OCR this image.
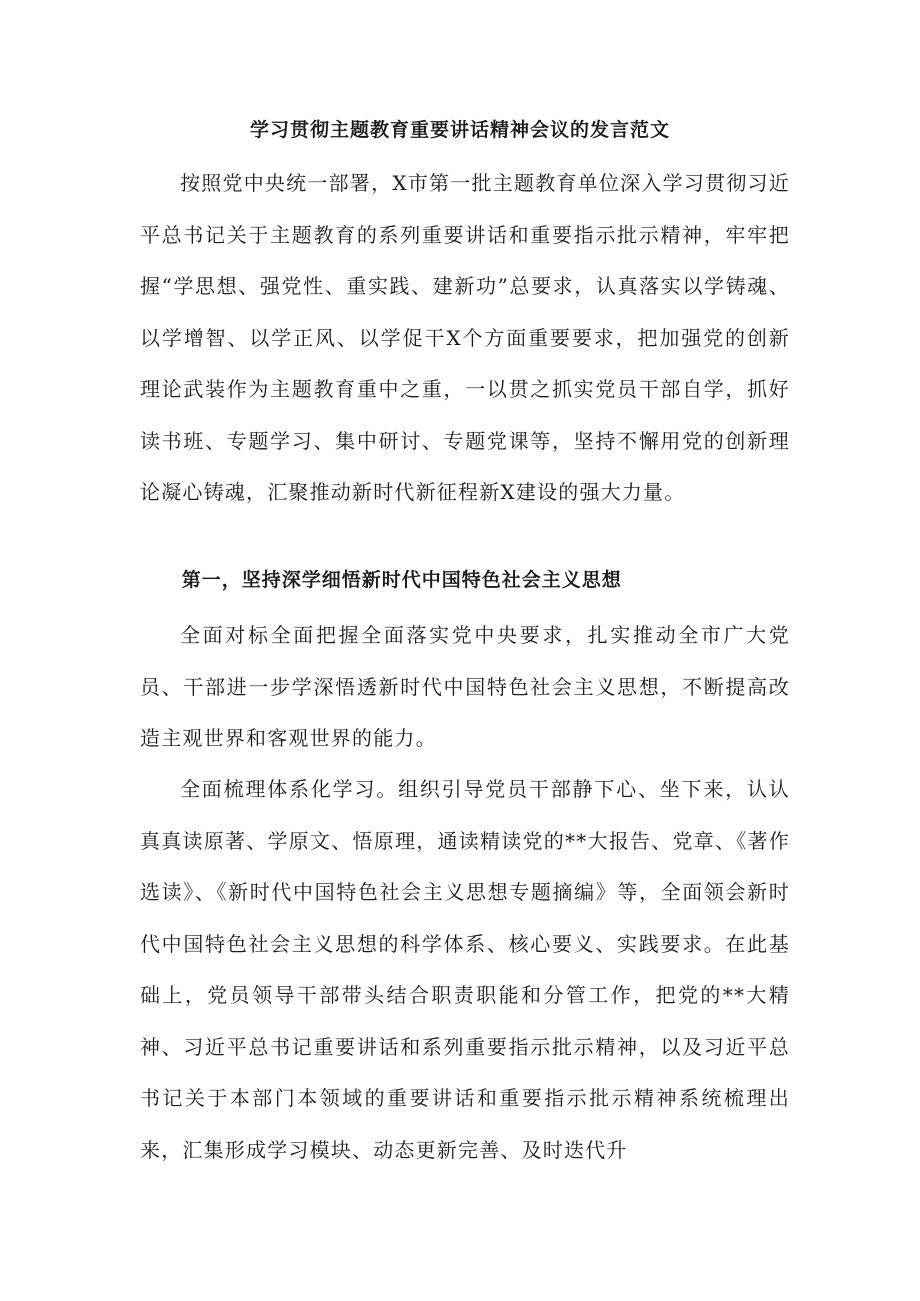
学习贯彻主题教育重要讲话精神会议的发言范文

按照党中央统一部署，X市第一批主题教育单位深入学习贯彻习近平总书记关于主题教育的系列重要讲话和重要指示批示精神，牢牢把握“学思想、强党性、重实践、建新功”总要求，认真落实以学铸魂、以学增智、以学正风、以学促干X个方面重要要求，把加强党的创新理论武装作为主题教育重中之重，一以贯之抓实党员干部自学，抓好读书班、专题学习、集中研讨、专题党课等，坚持不懈用党的创新理论凝心铸魂，汇聚推动新时代新征程新X建设的强大力量。

第一，坚持深学细悟新时代中国特色社会主义思想

全面对标全面把握全面落实党中央要求，扎实推动全市广大党员、干部进一步学深悟透新时代中国特色社会主义思想，不断提高改造主观世界和客观世界的能力。

全面梳理体系化学习。组织引导党员干部静下心、坐下来，认认真真读原著、学原文、悟原理，通读精读党的**大报告、党章、《著作选读》、《新时代中国特色社会主义思想专题摘编》等，全面领会新时代中国特色社会主义思想的科学体系、核心要义、实践要求。在此基础上，党员领导干部带头结合职责职能和分管工作，把党的**大精神、习近平总书记重要讲话和系列重要指示批示精神，以及习近平总书记关于本部门本领域的重要讲话和重要指示批示精神系统梳理出来，汇集形成学习模块、动态更新完善、及时迭代升
